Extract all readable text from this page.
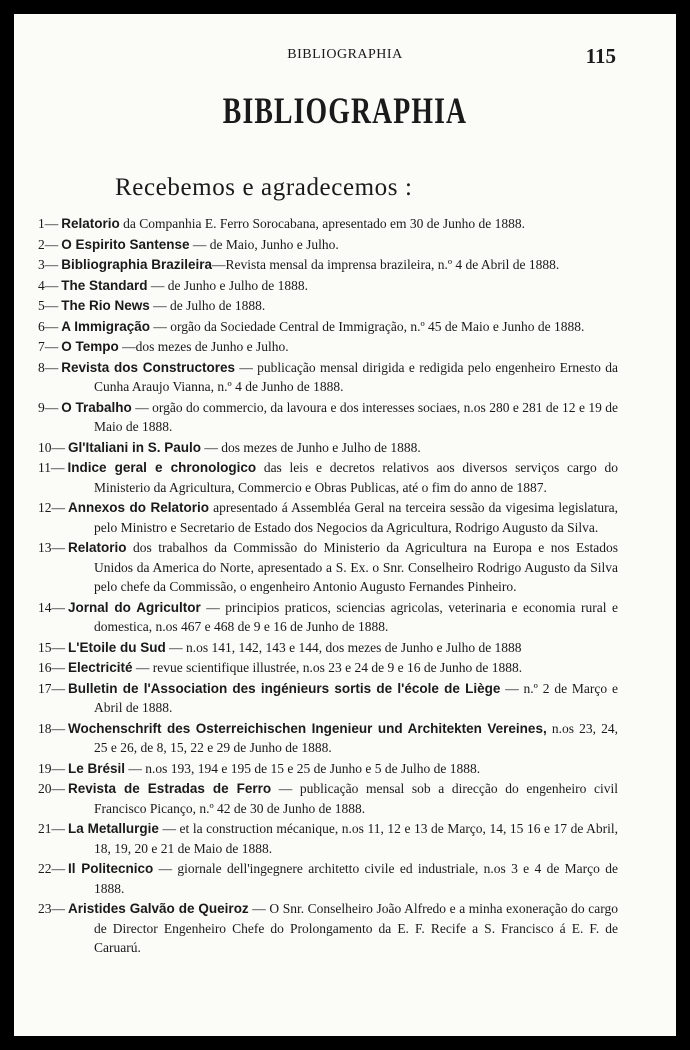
BIBLIOGRAPHIA	115
BIBLIOGRAPHIA
Recebemos e agradecemos :
1— Relatorio da Companhia E. Ferro Sorocabana, apresentado em 30 de Junho de 1888.
2— O Espirito Santense — de Maio, Junho e Julho.
3— Bibliographia Brazileira—Revista mensal da imprensa brazileira, n.º 4 de Abril de 1888.
4— The Standard — de Junho e Julho de 1888.
5— The Rio News — de Julho de 1888.
6— A Immigração — orgão da Sociedade Central de Immigração, n.º 45 de Maio e Junho de 1888.
7— O Tempo —dos mezes de Junho e Julho.
8— Revista dos Constructores — publicação mensal dirigida e redigida pelo engenheiro Ernesto da Cunha Araujo Vianna, n.º 4 de Junho de 1888.
9— O Trabalho — orgão do commercio, da lavoura e dos interesses sociaes, n.os 280 e 281 de 12 e 19 de Maio de 1888.
10— Gl'Italiani in S. Paulo — dos mezes de Junho e Julho de 1888.
11— Indice geral e chronologico das leis e decretos relativos aos diversos serviços cargo do Ministerio da Agricultura, Commercio e Obras Publicas, até o fim do anno de 1887.
12— Annexos do Relatorio apresentado á Assembléa Geral na terceira sessão da vigesima legislatura, pelo Ministro e Secretario de Estado dos Negocios da Agricultura, Rodrigo Augusto da Silva.
13— Relatorio dos trabalhos da Commissão do Ministerio da Agricultura na Europa e nos Estados Unidos da America do Norte, apresentado a S. Ex. o Snr. Conselheiro Rodrigo Augusto da Silva pelo chefe da Commissão, o engenheiro Antonio Augusto Fernandes Pinheiro.
14— Jornal do Agricultor — principios praticos, sciencias agricolas, veterinaria e economia rural e domestica, n.os 467 e 468 de 9 e 16 de Junho de 1888.
15— L'Etoile du Sud — n.os 141, 142, 143 e 144, dos mezes de Junho e Julho de 1888
16— Electricité — revue scientifique illustrée, n.os 23 e 24 de 9 e 16 de Junho de 1888.
17— Bulletin de l'Association des ingénieurs sortis de l'école de Liège — n.º 2 de Março e Abril de 1888.
18— Wochenschrift des Osterreichischen Ingenieur und Architekten Vereines, n.os 23, 24, 25 e 26, de 8, 15, 22 e 29 de Junho de 1888.
19— Le Brésil — n.os 193, 194 e 195 de 15 e 25 de Junho e 5 de Julho de 1888.
20— Revista de Estradas de Ferro — publicação mensal sob a direcção do engenheiro civil Francisco Picanço, n.º 42 de 30 de Junho de 1888.
21— La Metallurgie — et la construction mécanique, n.os 11, 12 e 13 de Março, 14, 15 16 e 17 de Abril, 18, 19, 20 e 21 de Maio de 1888.
22— Il Politecnico — giornale dell'ingegnere architetto civile ed industriale, n.os 3 e 4 de Março de 1888.
23— Aristides Galvão de Queiroz — O Snr. Conselheiro João Alfredo e a minha exoneração do cargo de Director Engenheiro Chefe do Prolongamento da E. F. Recife a S. Francisco á E. F. de Caruarú.
